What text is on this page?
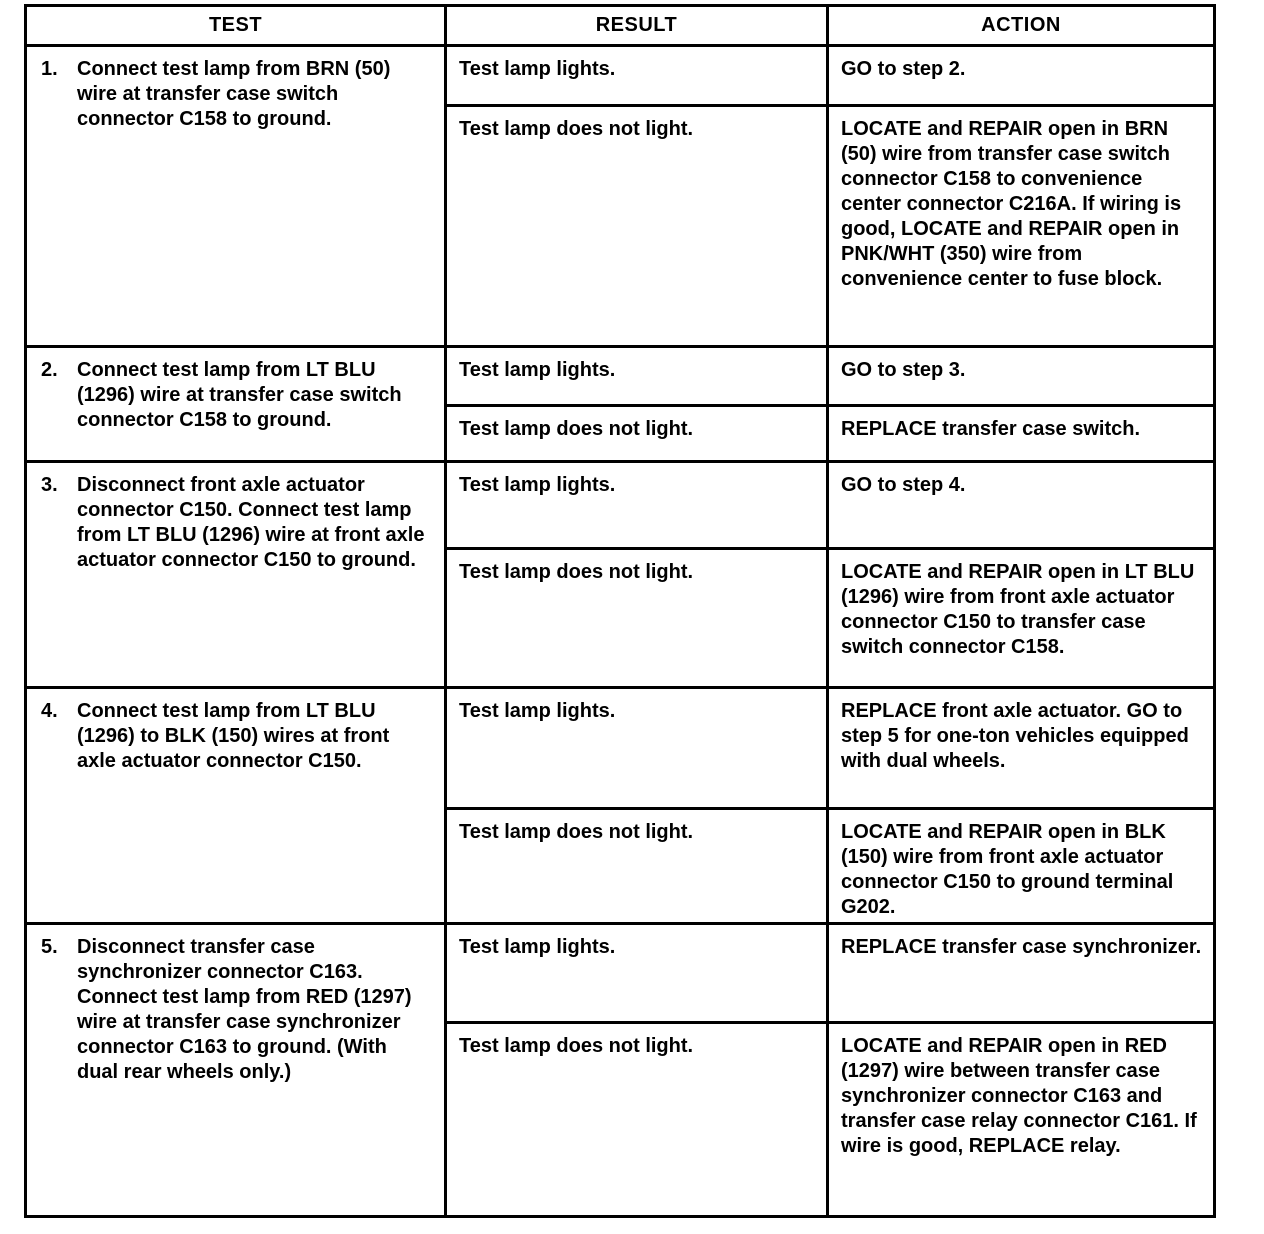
TEST	RESULT	ACTION
1. Connect test lamp from BRN (50) wire at transfer case switch connector C158 to ground.
Test lamp lights.	GO to step 2.
Test lamp does not light.	LOCATE and REPAIR open in BRN (50) wire from transfer case switch connector C158 to convenience center connector C216A. If wiring is good, LOCATE and REPAIR open in PNK/WHT (350) wire from convenience center to fuse block.
2. Connect test lamp from LT BLU (1296) wire at transfer case switch connector C158 to ground.
Test lamp lights.	GO to step 3.
Test lamp does not light.	REPLACE transfer case switch.
3. Disconnect front axle actuator connector C150. Connect test lamp from LT BLU (1296) wire at front axle actuator connector C150 to ground.
Test lamp lights.	GO to step 4.
Test lamp does not light.	LOCATE and REPAIR open in LT BLU (1296) wire from front axle actuator connector C150 to transfer case switch connector C158.
4. Connect test lamp from LT BLU (1296) to BLK (150) wires at front axle actuator connector C150.
Test lamp lights.	REPLACE front axle actuator. GO to step 5 for one-ton vehicles equipped with dual wheels.
Test lamp does not light.	LOCATE and REPAIR open in BLK (150) wire from front axle actuator connector C150 to ground terminal G202.
5. Disconnect transfer case synchronizer connector C163. Connect test lamp from RED (1297) wire at transfer case synchronizer connector C163 to ground. (With dual rear wheels only.)
Test lamp lights.	REPLACE transfer case synchronizer.
Test lamp does not light.	LOCATE and REPAIR open in RED (1297) wire between transfer case synchronizer connector C163 and transfer case relay connector C161. If wire is good, REPLACE relay.
